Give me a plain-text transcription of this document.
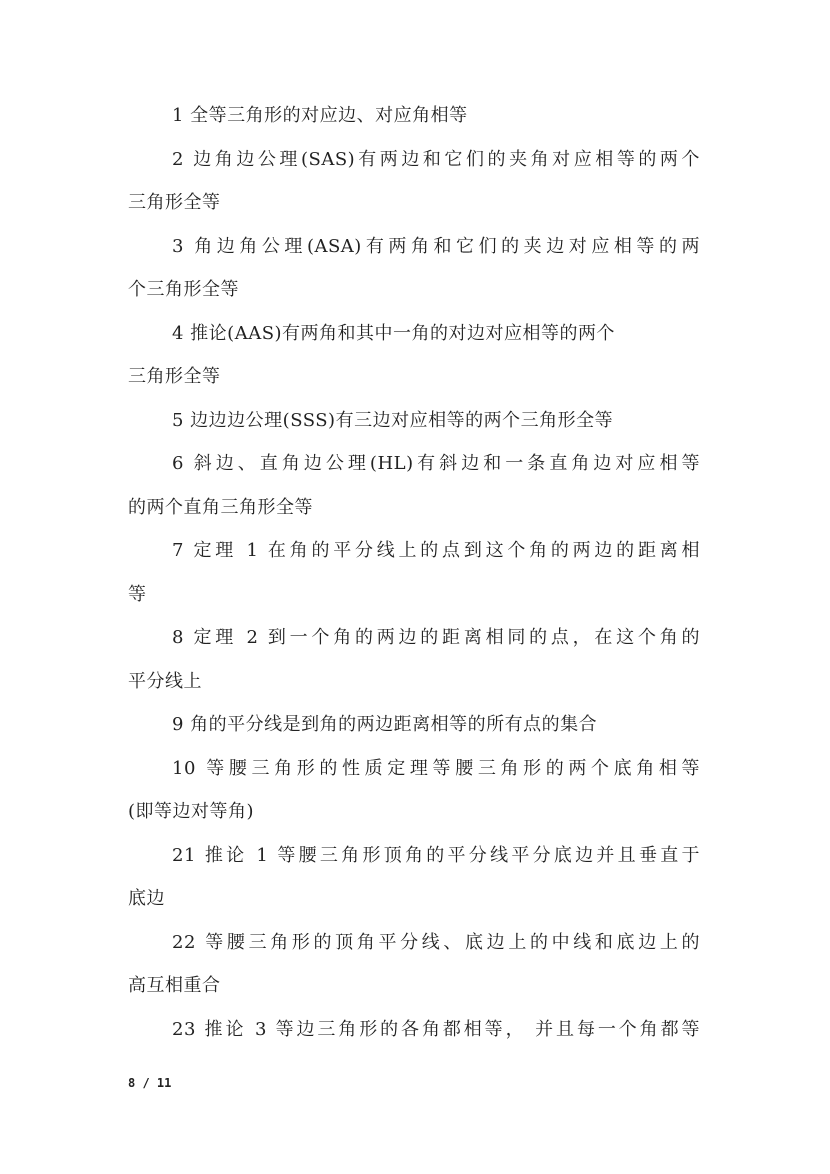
1 全等三角形的对应边、对应角相等
2 边角边公理(SAS)有两边和它们的夹角对应相等的两个
三角形全等
3 角边角公理(ASA)有两角和它们的夹边对应相等的两
个三角形全等
4 推论(AAS)有两角和其中一角的对边对应相等的两个
三角形全等
5 边边边公理(SSS)有三边对应相等的两个三角形全等
6 斜边、直角边公理(HL)有斜边和一条直角边对应相等
的两个直角三角形全等
7 定理 1 在角的平分线上的点到这个角的两边的距离相
等
8 定理 2 到一个角的两边的距离相同的点，在这个角的
平分线上
9 角的平分线是到角的两边距离相等的所有点的集合
10 等腰三角形的性质定理等腰三角形的两个底角相等
(即等边对等角)
21 推论 1 等腰三角形顶角的平分线平分底边并且垂直于
底边
22 等腰三角形的顶角平分线、底边上的中线和底边上的
高互相重合
23 推论 3 等边三角形的各角都相等， 并且每一个角都等
8 / 11
